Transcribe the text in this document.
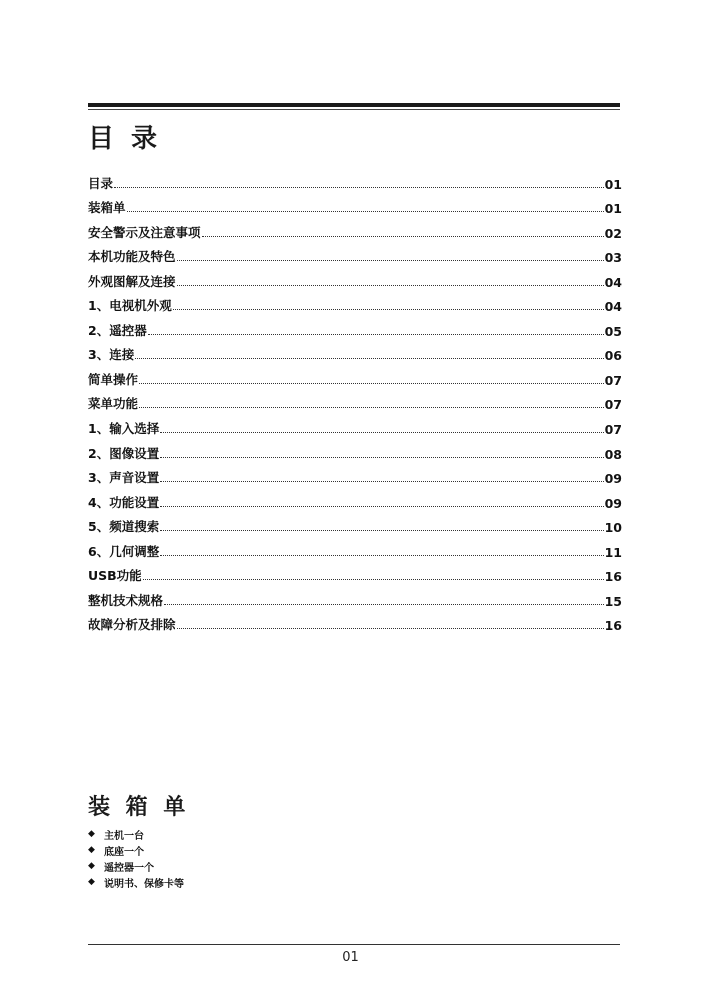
目 录
目录	01
装箱单	01
安全警示及注意事项	02
本机功能及特色	03
外观图解及连接	04
1、电视机外观	04
2、遥控器	05
3、连接	06
简单操作	07
菜单功能	07
1、输入选择	07
2、图像设置	08
3、声音设置	09
4、功能设置	09
5、频道搜索	10
6、几何调整	11
USB功能	16
整机技术规格	15
故障分析及排除	16
装 箱 单
◆ 主机一台
◆ 底座一个
◆ 遥控器一个
◆ 说明书、保修卡等
01
